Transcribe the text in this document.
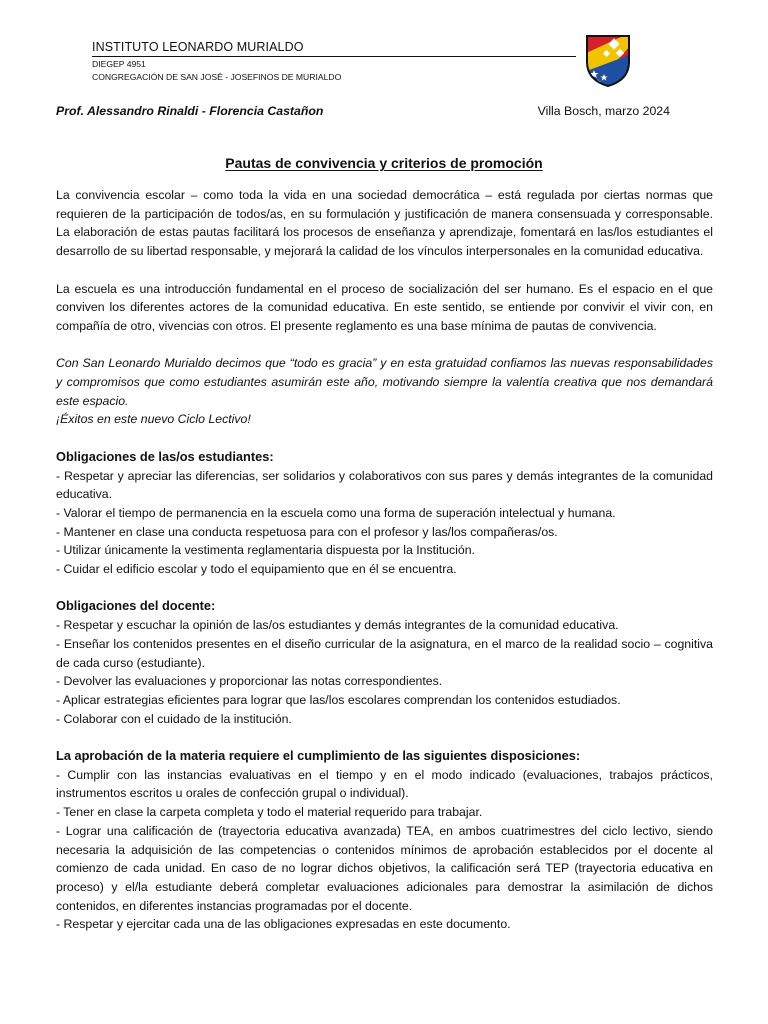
INSTITUTO LEONARDO MURIALDO
DIEGEP 4951
CONGREGACIÓN DE SAN JOSÉ - JOSEFINOS DE MURIALDO
Prof. Alessandro Rinaldi - Florencia Castañon	Villa Bosch, marzo 2024
Pautas de convivencia y criterios de promoción

La convivencia escolar – como toda la vida en una sociedad democrática – está regulada por ciertas normas que requieren de la participación de todos/as, en su formulación y justificación de manera consensuada y corresponsable. La elaboración de estas pautas facilitará los procesos de enseñanza y aprendizaje, fomentará en las/los estudiantes el desarrollo de su libertad responsable, y mejorará la calidad de los vínculos interpersonales en la comunidad educativa.

La escuela es una introducción fundamental en el proceso de socialización del ser humano. Es el espacio en el que conviven los diferentes actores de la comunidad educativa. En este sentido, se entiende por convivir el vivir con, en compañía de otro, vivencias con otros. El presente reglamento es una base mínima de pautas de convivencia.

Con San Leonardo Murialdo decimos que “todo es gracia” y en esta gratuidad confiamos las nuevas responsabilidades y compromisos que como estudiantes asumirán este año, motivando siempre la valentía creativa que nos demandará este espacio.

¡Éxitos en este nuevo Ciclo Lectivo!

Obligaciones de las/os estudiantes:
- Respetar y apreciar las diferencias, ser solidarios y colaborativos con sus pares y demás integrantes de la comunidad educativa.
- Valorar el tiempo de permanencia en la escuela como una forma de superación intelectual y humana.
- Mantener en clase una conducta respetuosa para con el profesor y las/los compañeras/os.
- Utilizar únicamente la vestimenta reglamentaria dispuesta por la Institución.
- Cuidar el edificio escolar y todo el equipamiento que en él se encuentra.
Obligaciones del docente:
- Respetar y escuchar la opinión de las/os estudiantes y demás integrantes de la comunidad educativa.
- Enseñar los contenidos presentes en el diseño curricular de la asignatura, en el marco de la realidad socio – cognitiva de cada curso (estudiante).
- Devolver las evaluaciones y proporcionar las notas correspondientes.
- Aplicar estrategias eficientes para lograr que las/los escolares comprendan los contenidos estudiados.
- Colaborar con el cuidado de la institución.
La aprobación de la materia requiere el cumplimiento de las siguientes disposiciones:
- Cumplir con las instancias evaluativas en el tiempo y en el modo indicado (evaluaciones, trabajos prácticos, instrumentos escritos u orales de confección grupal o individual).
- Tener en clase la carpeta completa y todo el material requerido para trabajar.
- Lograr una calificación de (trayectoria educativa avanzada) TEA, en ambos cuatrimestres del ciclo lectivo, siendo necesaria la adquisición de las competencias o contenidos mínimos de aprobación establecidos por el docente al comienzo de cada unidad. En caso de no lograr dichos objetivos, la calificación será TEP (trayectoria educativa en proceso) y el/la estudiante deberá completar evaluaciones adicionales para demostrar la asimilación de dichos contenidos, en diferentes instancias programadas por el docente.
- Respetar y ejercitar cada una de las obligaciones expresadas en este documento.
